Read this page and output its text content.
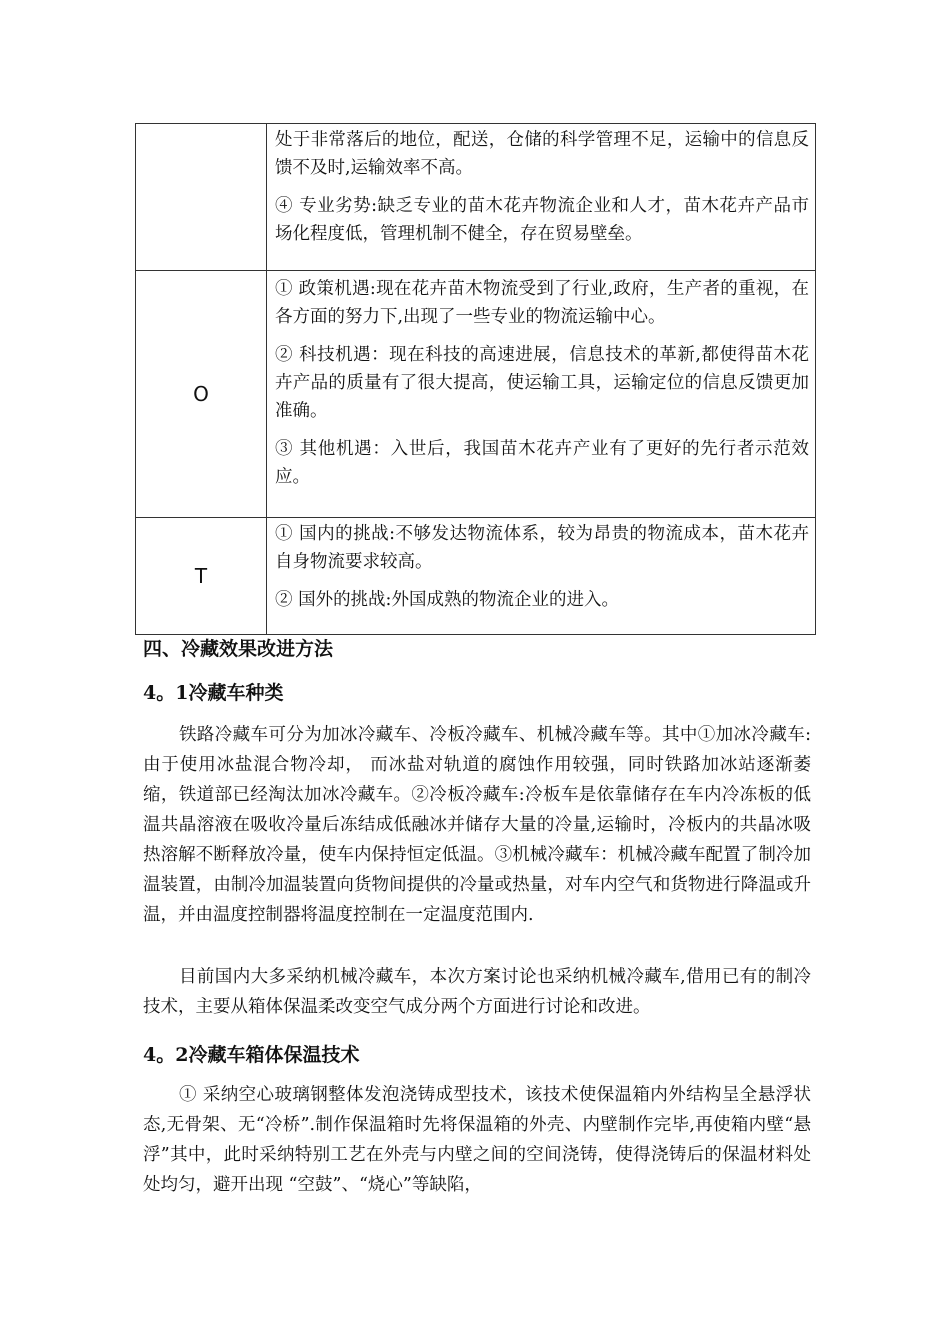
	处于非常落后的地位，配送，仓储的科学管理不足，运输中的信息反馈不及时,运输效率不高。

④ 专业劣势:缺乏专业的苗木花卉物流企业和人才，苗木花卉产品市场化程度低，管理机制不健全，存在贸易壁垒。

O	① 政策机遇:现在花卉苗木物流受到了行业,政府，生产者的重视，在各方面的努力下,出现了一些专业的物流运输中心。

② 科技机遇：现在科技的高速进展，信息技术的革新,都使得苗木花卉产品的质量有了很大提高，使运输工具，运输定位的信息反馈更加准确。

③ 其他机遇：入世后，我国苗木花卉产业有了更好的先行者示范效应。

T	① 国内的挑战:不够发达物流体系，较为昂贵的物流成本，苗木花卉自身物流要求较高。

② 国外的挑战:外国成熟的物流企业的进入。

四、冷藏效果改进方法
4。1冷藏车种类

铁路冷藏车可分为加冰冷藏车、冷板冷藏车、机械冷藏车等。其中①加冰冷藏车:由于使用冰盐混合物冷却， 而冰盐对轨道的腐蚀作用较强，同时铁路加冰站逐渐萎缩，铁道部已经淘汰加冰冷藏车。②冷板冷藏车:冷板车是依靠储存在车内冷冻板的低温共晶溶液在吸收冷量后冻结成低融冰并储存大量的冷量,运输时，冷板内的共晶冰吸热溶解不断释放冷量，使车内保持恒定低温。③机械冷藏车：机械冷藏车配置了制冷加温装置，由制冷加温装置向货物间提供的冷量或热量，对车内空气和货物进行降温或升温，并由温度控制器将温度控制在一定温度范围内.

目前国内大多采纳机械冷藏车，本次方案讨论也采纳机械冷藏车,借用已有的制冷技术，主要从箱体保温柔改变空气成分两个方面进行讨论和改进。

4。2冷藏车箱体保温技术

① 采纳空心玻璃钢整体发泡浇铸成型技术，该技术使保温箱内外结构呈全悬浮状态,无骨架、无“冷桥”.制作保温箱时先将保温箱的外壳、内壁制作完毕,再使箱内壁“悬浮”其中，此时采纳特别工艺在外壳与内壁之间的空间浇铸，使得浇铸后的保温材料处处均匀，避开出现 “空鼓”、“烧心”等缺陷，
